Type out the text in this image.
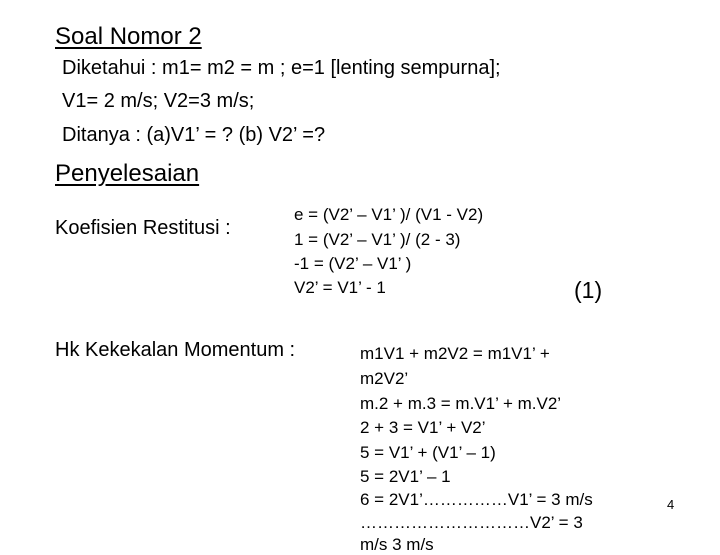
Soal Nomor 2
Diketahui : m1= m2 = m ; e=1 [lenting sempurna];
V1= 2 m/s; V2=3 m/s;
Ditanya : (a)V1’ = ? (b) V2’ =?
Penyelesaian
Koefisien Restitusi :
e = (V2’ – V1’ )/ (V1 - V2)
1 = (V2’ – V1’ )/ (2 - 3)
-1 = (V2’ – V1’ )
V2’ = V1’ - 1	(1)
Hk Kekekalan Momentum :	m1V1 + m2V2 = m1V1’ +
m2V2’
m.2 + m.3 = m.V1’ + m.V2’
2 + 3 = V1’ + V2’
5 = V1’ + (V1’ – 1)
5 = 2V1’ – 1
6 = 2V1’……………V1’ = 3 m/s
…………………………V2’ = 3
m/s 3 m/s
4
